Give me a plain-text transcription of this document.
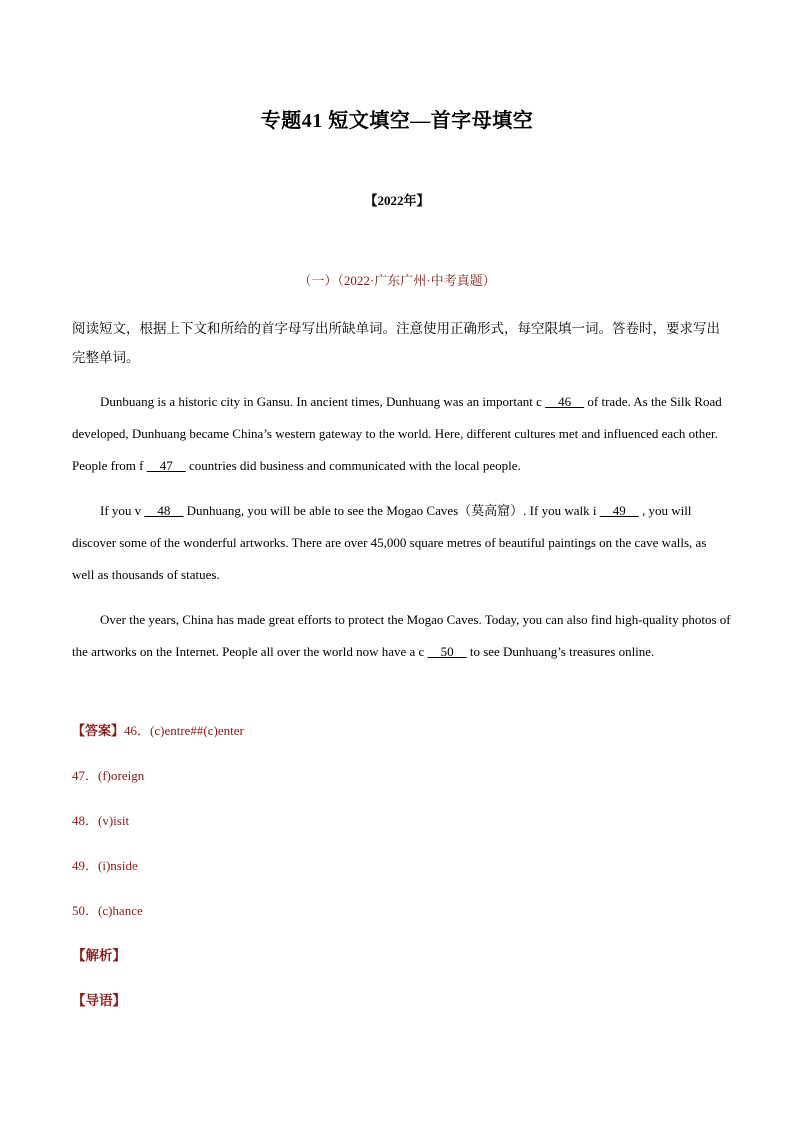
专题41 短文填空—首字母填空
【2022年】
（一）（2022·广东广州·中考真题）
阅读短文，根据上下文和所给的首字母写出所缺单词。注意使用正确形式，每空限填一词。答卷时，要求写出完整单词。
Dunbuang is a historic city in Gansu. In ancient times, Dunhuang was an important c     46     of trade. As the Silk Road developed, Dunhuang became China’s western gateway to the world. Here, different cultures met and influenced each other. People from f     47     countries did business and communicated with the local people.
If you v     48     Dunhuang, you will be able to see the Mogao Caves（莫高窟）. If you walk i     49     , you will discover some of the wonderful artworks. There are over 45,000 square metres of beautiful paintings on the cave walls, as well as thousands of statues.
Over the years, China has made great efforts to protect the Mogao Caves. Today, you can also find high-quality photos of the artworks on the Internet. People all over the world now have a c     50     to see Dunhuang’s treasures online.
【答案】46．(c)entre##(c)enter
47．(f)oreign
48．(v)isit
49．(i)nside
50．(c)hance
【解析】
【导语】
